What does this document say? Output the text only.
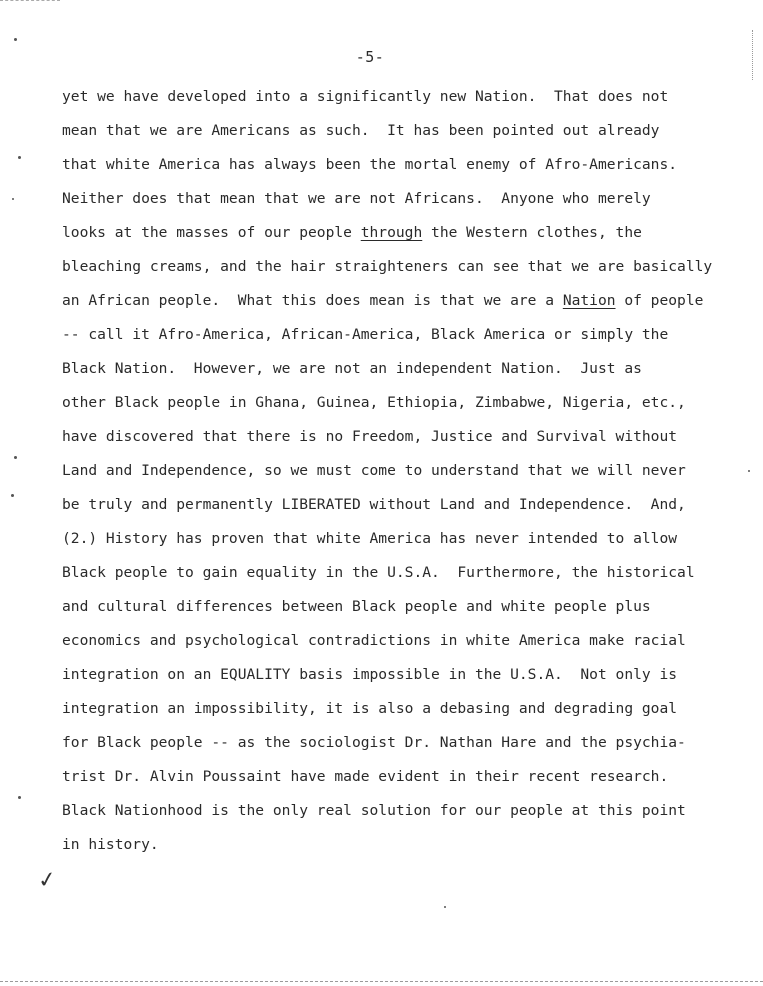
-5-
yet we have developed into a significantly new Nation.  That does not
mean that we are Americans as such.  It has been pointed out already
that white America has always been the mortal enemy of Afro-Americans.
Neither does that mean that we are not Africans.  Anyone who merely
looks at the masses of our people through the Western clothes, the
bleaching creams, and the hair straighteners can see that we are basically
an African people.  What this does mean is that we are a Nation of people
-- call it Afro-America, African-America, Black America or simply the
Black Nation.  However, we are not an independent Nation.  Just as
other Black people in Ghana, Guinea, Ethiopia, Zimbabwe, Nigeria, etc.,
have discovered that there is no Freedom, Justice and Survival without
Land and Independence, so we must come to understand that we will never
be truly and permanently LIBERATED without Land and Independence.  And,
(2.) History has proven that white America has never intended to allow
Black people to gain equality in the U.S.A.  Furthermore, the historical
and cultural differences between Black people and white people plus
economics and psychological contradictions in white America make racial
integration on an EQUALITY basis impossible in the U.S.A.  Not only is
integration an impossibility, it is also a debasing and degrading goal
for Black people -- as the sociologist Dr. Nathan Hare and the psychia-
trist Dr. Alvin Poussaint have made evident in their recent research.
Black Nationhood is the only real solution for our people at this point
in history.
✓
